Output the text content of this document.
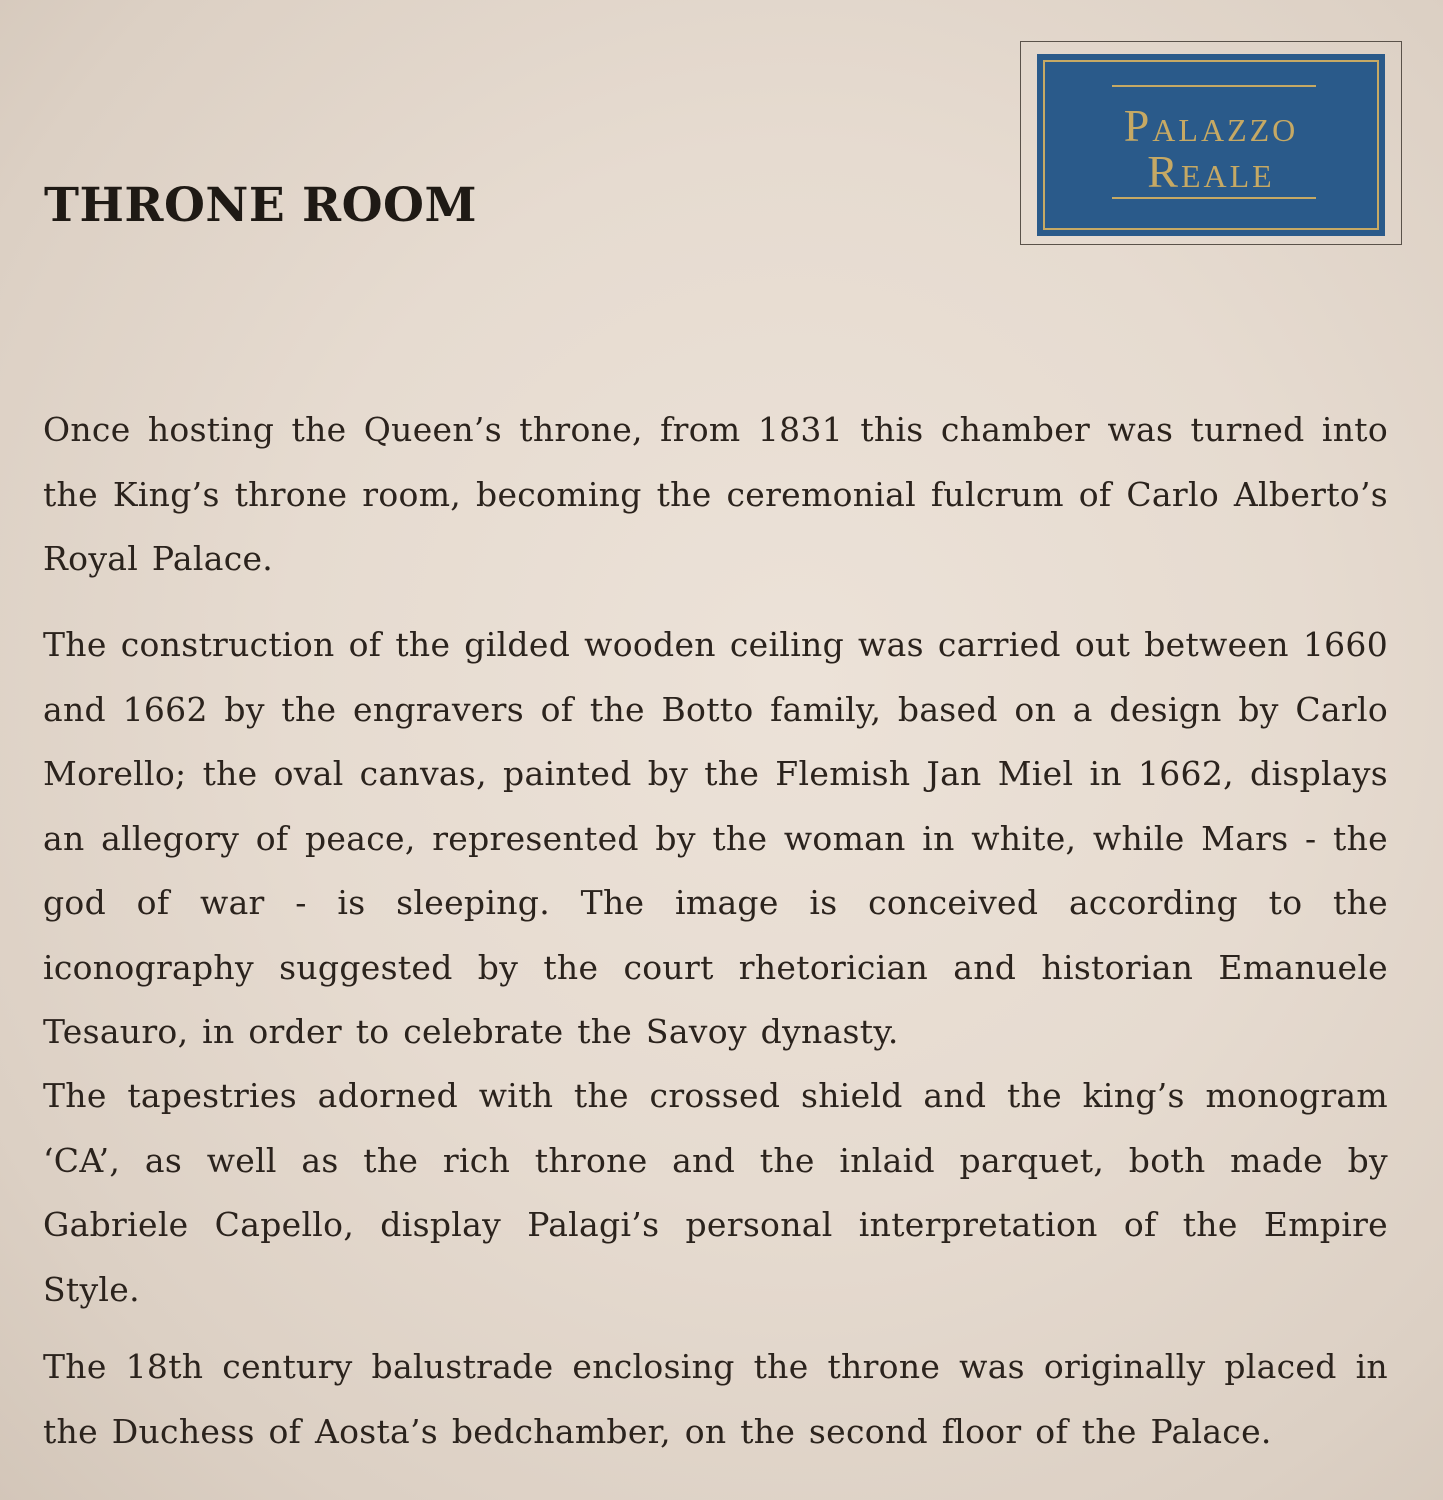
THRONE ROOM
Palazzo
Reale

Once hosting the Queen’s throne, from 1831 this chamber was turned into the King’s throne room, becoming the ceremonial fulcrum of Carlo Alberto’s Royal Palace.

The construction of the gilded wooden ceiling was carried out between 1660 and 1662 by the engravers of the Botto family, based on a design by Carlo Morello; the oval canvas, painted by the Flemish Jan Miel in 1662, displays an allegory of peace, represented by the woman in white, while Mars - the god of war - is sleeping. The image is conceived according to the iconography suggested by the court rhetorician and historian Emanuele Tesauro, in order to celebrate the Savoy dynasty.

The tapestries adorned with the crossed shield and the king’s monogram ‘CA’, as well as the rich throne and the inlaid parquet, both made by Gabriele Capello, display Palagi’s personal interpretation of the Empire Style.

The 18th century balustrade enclosing the throne was originally placed in the Duchess of Aosta’s bedchamber, on the second floor of the Palace.
